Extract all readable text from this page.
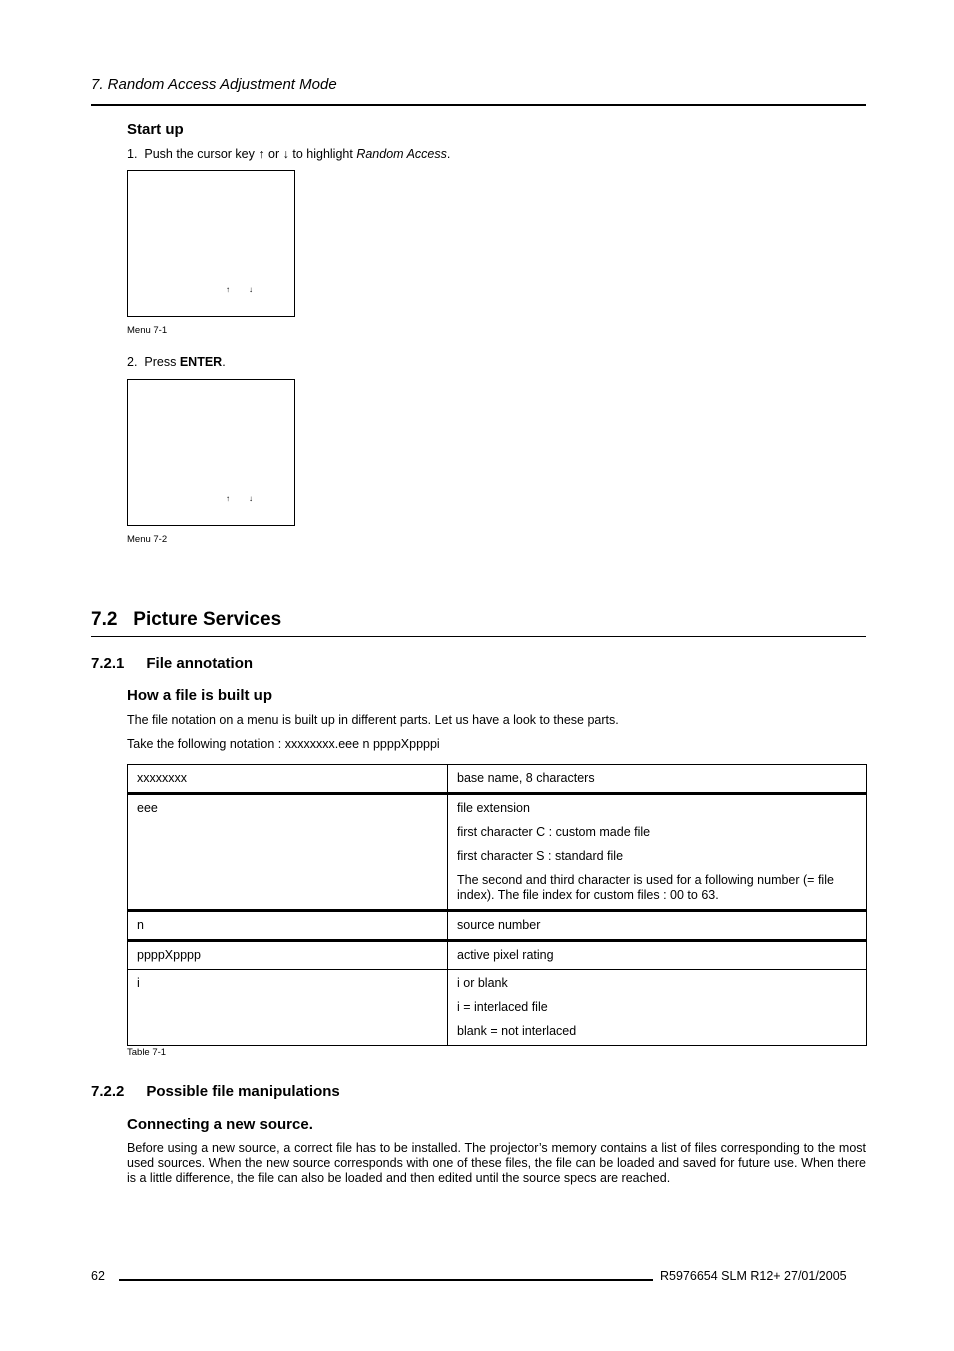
7. Random Access Adjustment Mode
Start up
1. Push the cursor key ↑ or ↓ to highlight Random Access.
↑ ↓
Menu 7-1
2. Press ENTER.
↑ ↓
Menu 7-2
7.2 Picture Services
7.2.1 File annotation
How a file is built up
The file notation on a menu is built up in different parts. Let us have a look to these parts.
Take the following notation : xxxxxxxx.eee n ppppXppppi
xxxxxxxx	base name, 8 characters

eee	file extension
first character C : custom made file
first character S : standard file
The second and third character is used for a following number (= file index). The file index for custom files : 00 to 63.

n	source number

ppppXpppp	active pixel rating

i	i or blank
i = interlaced file
blank = not interlaced
Table 7-1
7.2.2 Possible file manipulations
Connecting a new source.
Before using a new source, a correct file has to be installed. The projector’s memory contains a list of files corresponding to the most used sources. When the new source corresponds with one of these files, the file can be loaded and saved for future use. When there is a little difference, the file can also be loaded and then edited until the source specs are reached.
62	R5976654 SLM R12+ 27/01/2005
